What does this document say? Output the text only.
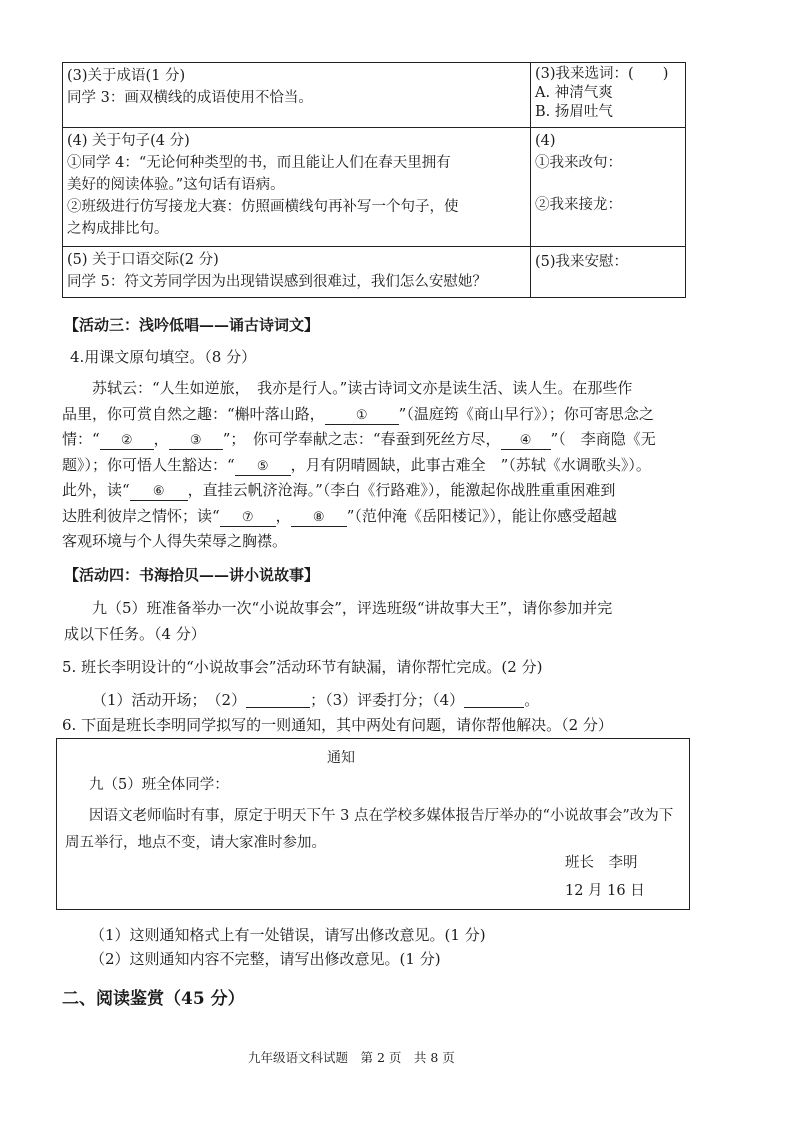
(3)关于成语(1 分)
同学 3：画双横线的成语使用不恰当。
(3)我来选词：(　　)
A. 神清气爽
B. 扬眉吐气
(4) 关于句子(4 分)
①同学 4：“无论何种类型的书，而且能让人们在春天里拥有
美好的阅读体验。”这句话有语病。
②班级进行仿写接龙大赛：仿照画横线句再补写一个句子，使
之构成排比句。
(4)
①我来改句：
②我来接龙：
(5) 关于口语交际(2 分)
同学 5：符文芳同学因为出现错误感到很难过，我们怎么安慰她？
(5)我来安慰：
【活动三：浅吟低唱——诵古诗词文】
4.用课文原句填空。（8 分）

苏轼云：“人生如逆旅，　我亦是行人。”读古诗词文亦是读生活、读人生。在那些作

品里，你可赏自然之趣：“槲叶落山路， ① ”（温庭筠《商山早行》）；你可寄思念之

情：“ ② ， ③ ”；　你可学奉献之志：“春蚕到死丝方尽， ④ ”（　李商隐《无

题》）；你可悟人生豁达：“ ⑤ ，月有阴晴圆缺，此事古难全　”（苏轼《水调歌头》）。

此外，读“ ⑥ ，直挂云帆济沧海。”（李白《行路难》），能激起你战胜重重困难到

达胜利彼岸之情怀；读“ ⑦ ， ⑧ ”（范仲淹《岳阳楼记》），能让你感受超越

客观环境与个人得失荣辱之胸襟。

【活动四：书海拾贝——讲小说故事】
九（5）班准备举办一次“小说故事会”，评选班级“讲故事大王”，请你参加并完
成以下任务。（4 分）
5. 班长李明设计的“小说故事会”活动环节有缺漏，请你帮忙完成。(2 分)
（1）活动开场；　（2）	；（3）评委打分；（4）	。
6. 下面是班长李明同学拟写的一则通知，其中两处有问题，请你帮他解决。（2 分）
通知
九（5）班全体同学：
因语文老师临时有事，原定于明天下午 3 点在学校多媒体报告厅举办的“小说故事会”改为下周五举行，地点不变，请大家准时参加。
班长　李明
12 月 16 日
（1）这则通知格式上有一处错误，请写出修改意见。(1 分)
（2）这则通知内容不完整，请写出修改意见。(1 分)
二、阅读鉴赏（45 分）
九年级语文科试题　第 2 页　共 8 页
